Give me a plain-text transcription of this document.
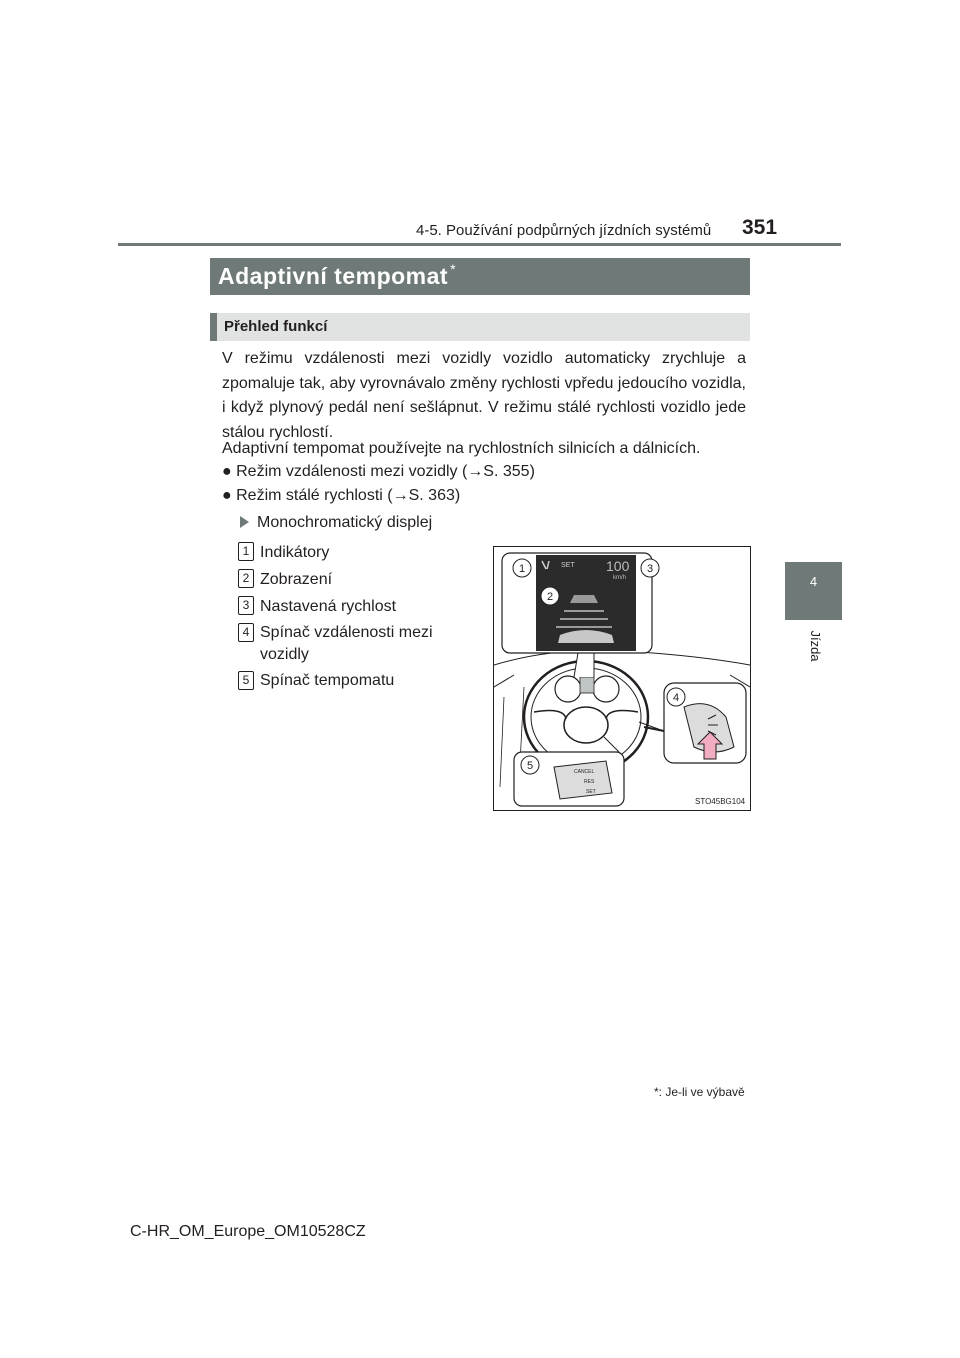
4-5. Používání podpůrných jízdních systémů 351
4
Jízda
Adaptivní tempomat *
Přehled funkcí
V režimu vzdálenosti mezi vozidly vozidlo automaticky zrychluje a zpomaluje tak, aby vyrovnávalo změny rychlosti vpředu jedoucího vozidla, i když plynový pedál není sešlápnut. V režimu stálé rychlosti vozidlo jede stálou rychlostí.
Adaptivní tempomat používejte na rychlostních silnicích a dálnicích.
● Režim vzdálenosti mezi vozidly (→S. 355)
● Režim stálé rychlosti (→S. 363)
Monochromatický displej
1 Indikátory
2 Zobrazení
3 Nastavená rychlost
4 Spínač vzdálenosti mezi vozidly
5 Spínač tempomatu
SET 100
km/h
CANCEL
RES
SET
1
2
3
4
5
STO45BG104
*: Je-li ve výbavě
C-HR_OM_Europe_OM10528CZ
